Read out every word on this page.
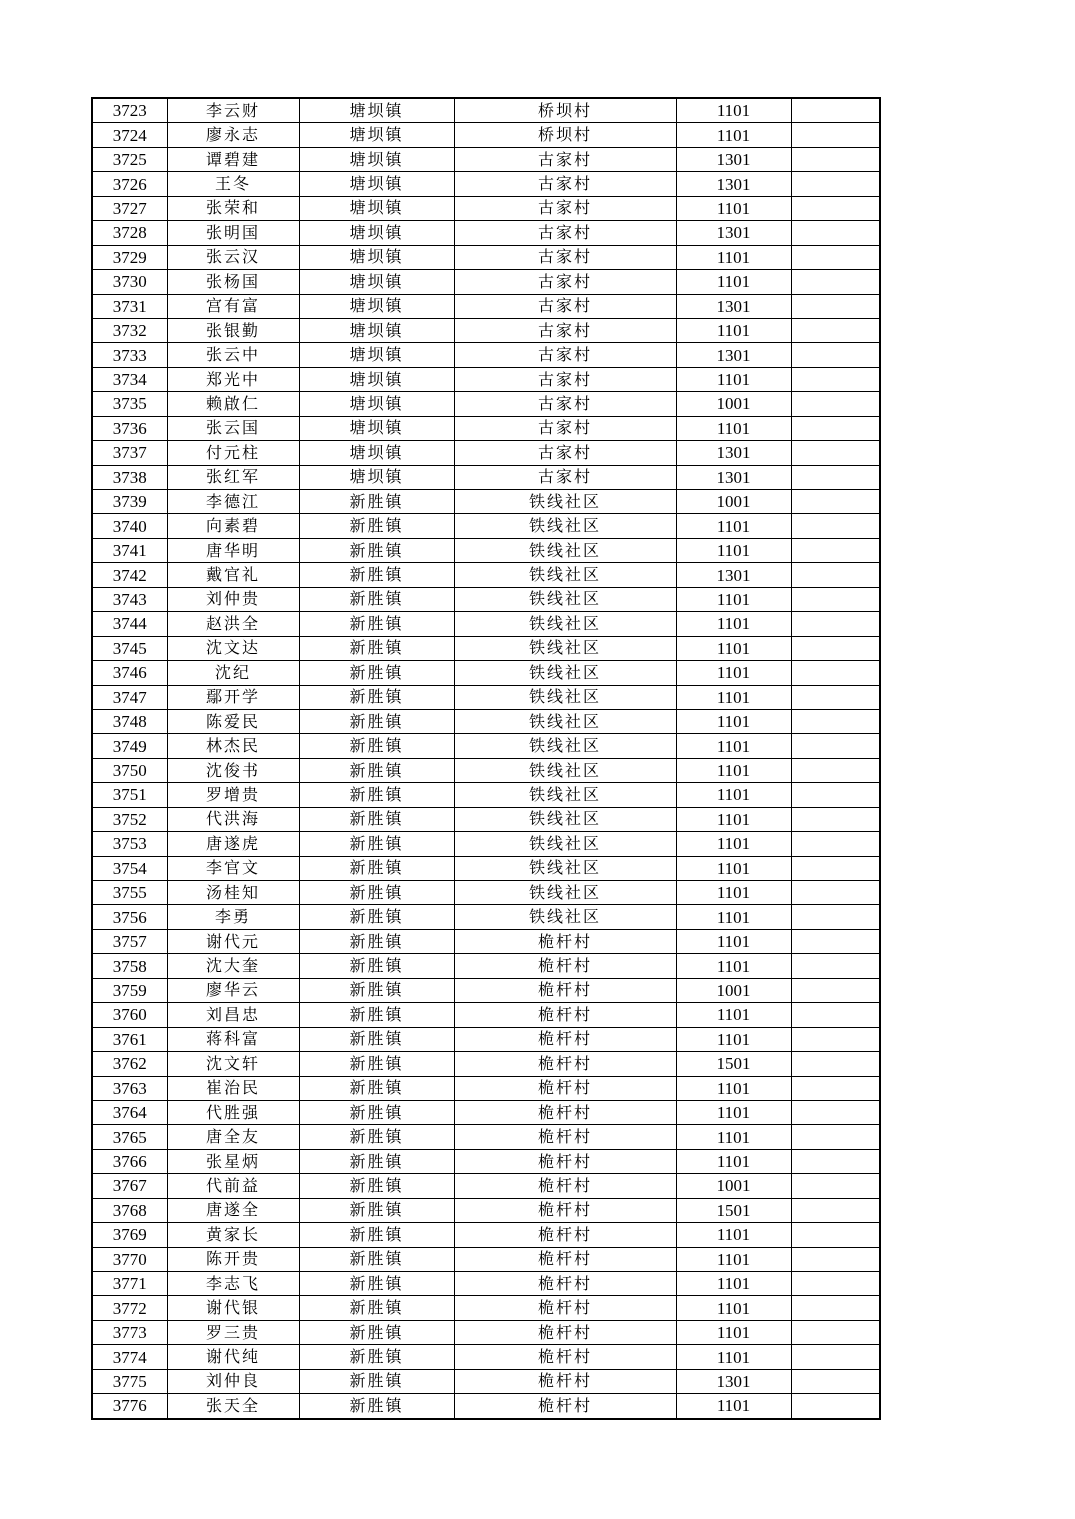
3723	李云财	塘坝镇	桥坝村	1101	
3724	廖永志	塘坝镇	桥坝村	1101	
3725	谭碧建	塘坝镇	古家村	1301	
3726	王冬	塘坝镇	古家村	1301	
3727	张荣和	塘坝镇	古家村	1101	
3728	张明国	塘坝镇	古家村	1301	
3729	张云汉	塘坝镇	古家村	1101	
3730	张杨国	塘坝镇	古家村	1101	
3731	宫有富	塘坝镇	古家村	1301	
3732	张银勤	塘坝镇	古家村	1101	
3733	张云中	塘坝镇	古家村	1301	
3734	郑光中	塘坝镇	古家村	1101	
3735	赖啟仁	塘坝镇	古家村	1001	
3736	张云国	塘坝镇	古家村	1101	
3737	付元柱	塘坝镇	古家村	1301	
3738	张红军	塘坝镇	古家村	1301	
3739	李德江	新胜镇	铁线社区	1001	
3740	向素碧	新胜镇	铁线社区	1101	
3741	唐华明	新胜镇	铁线社区	1101	
3742	戴官礼	新胜镇	铁线社区	1301	
3743	刘仲贵	新胜镇	铁线社区	1101	
3744	赵洪全	新胜镇	铁线社区	1101	
3745	沈文达	新胜镇	铁线社区	1101	
3746	沈纪	新胜镇	铁线社区	1101	
3747	鄢开学	新胜镇	铁线社区	1101	
3748	陈爱民	新胜镇	铁线社区	1101	
3749	林杰民	新胜镇	铁线社区	1101	
3750	沈俊书	新胜镇	铁线社区	1101	
3751	罗增贵	新胜镇	铁线社区	1101	
3752	代洪海	新胜镇	铁线社区	1101	
3753	唐遂虎	新胜镇	铁线社区	1101	
3754	李官文	新胜镇	铁线社区	1101	
3755	汤桂知	新胜镇	铁线社区	1101	
3756	李勇	新胜镇	铁线社区	1101	
3757	谢代元	新胜镇	桅杆村	1101	
3758	沈大奎	新胜镇	桅杆村	1101	
3759	廖华云	新胜镇	桅杆村	1001	
3760	刘昌忠	新胜镇	桅杆村	1101	
3761	蒋科富	新胜镇	桅杆村	1101	
3762	沈文轩	新胜镇	桅杆村	1501	
3763	崔治民	新胜镇	桅杆村	1101	
3764	代胜强	新胜镇	桅杆村	1101	
3765	唐全友	新胜镇	桅杆村	1101	
3766	张星炳	新胜镇	桅杆村	1101	
3767	代前益	新胜镇	桅杆村	1001	
3768	唐遂全	新胜镇	桅杆村	1501	
3769	黄家长	新胜镇	桅杆村	1101	
3770	陈开贵	新胜镇	桅杆村	1101	
3771	李志飞	新胜镇	桅杆村	1101	
3772	谢代银	新胜镇	桅杆村	1101	
3773	罗三贵	新胜镇	桅杆村	1101	
3774	谢代纯	新胜镇	桅杆村	1101	
3775	刘仲良	新胜镇	桅杆村	1301	
3776	张天全	新胜镇	桅杆村	1101	
